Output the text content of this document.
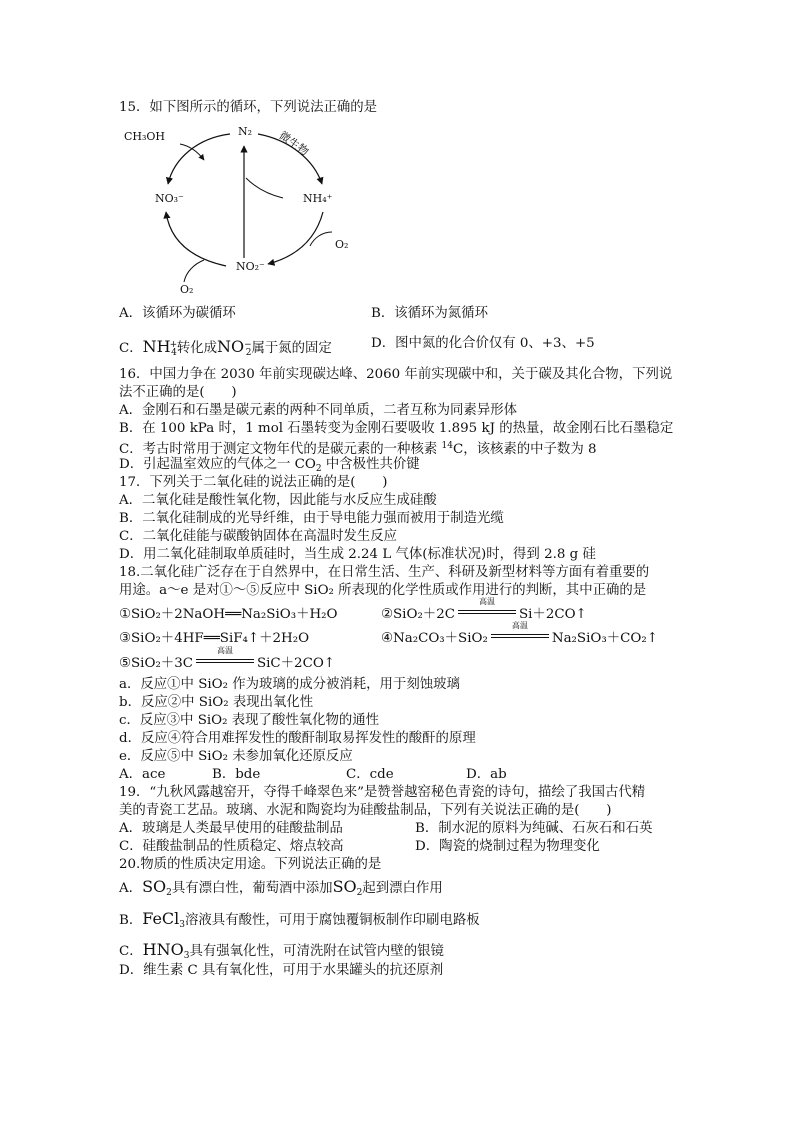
15．如下图所示的循环，下列说法正确的是
CH₃OH	N₂ 微生物
NO₃⁻	NH₄⁺
O₂
NO₂⁻
O₂
A．该循环为碳循环	B．该循环为氮循环
C．$NH^+_4$转化成$NO^-_2$属于氮的固定	D．图中氮的化合价仅有 0、+3、+5
16．中国力争在 2030 年前实现碳达峰、2060 年前实现碳中和，关于碳及其化合物，下列说
法不正确的是(　　)
A．金刚石和石墨是碳元素的两种不同单质，二者互称为同素异形体
B．在 100 kPa 时，1 mol 石墨转变为金刚石要吸收 1.895 kJ 的热量，故金刚石比石墨稳定
C．考古时常用于测定文物年代的是碳元素的一种核素 $^{14}$C，该核素的中子数为 8
D．引起温室效应的气体之一 $CO_2$ 中含极性共价键
17．下列关于二氧化硅的说法正确的是(　　)
A．二氧化硅是酸性氧化物，因此能与水反应生成硅酸
B．二氧化硅制成的光导纤维，由于导电能力强而被用于制造光缆
C．二氧化硅能与碳酸钠固体在高温时发生反应
D．用二氧化硅制取单质硅时，当生成 2.24 L 气体(标准状况)时，得到 2.8 g 硅
18.二氧化硅广泛存在于自然界中，在日常生活、生产、科研及新型材料等方面有着重要的
用途。a～e 是对①～⑤反应中 SiO₂ 所表现的化学性质或作用进行的判断，其中正确的是
①SiO₂＋2NaOH══Na₂SiO₃＋H₂O	②SiO₂＋2C
高温
Si＋2CO↑
③SiO₂＋4HF══SiF₄↑＋2H₂O	④Na₂CO₃＋SiO₂
高温
Na₂SiO₃＋CO₂↑
⑤SiO₂＋3C
高温
SiC＋2CO↑
a．反应①中 SiO₂ 作为玻璃的成分被消耗，用于刻蚀玻璃
b．反应②中 SiO₂ 表现出氧化性
c．反应③中 SiO₂ 表现了酸性氧化物的通性
d．反应④符合用难挥发性的酸酐制取易挥发性的酸酐的原理
e．反应⑤中 SiO₂ 未参加氧化还原反应
A．ace	B．bde	C．cde	D．ab
19．“九秋风露越窑开，夺得千峰翠色来”是赞誉越窑秘色青瓷的诗句，描绘了我国古代精
美的青瓷工艺品。玻璃、水泥和陶瓷均为硅酸盐制品，下列有关说法正确的是(　　)
A．玻璃是人类最早使用的硅酸盐制品	B．制水泥的原料为纯碱、石灰石和石英
C．硅酸盐制品的性质稳定、熔点较高	D．陶瓷的烧制过程为物理变化
20.物质的性质决定用途。下列说法正确的是
A．$SO_2$具有漂白性，葡萄酒中添加$SO_2$起到漂白作用
B．FeCl$_3$溶液具有酸性，可用于腐蚀覆铜板制作印刷电路板
C．$HNO_3$具有强氧化性，可清洗附在试管内壁的银镜
D．维生素 C 具有氧化性，可用于水果罐头的抗还原剂
